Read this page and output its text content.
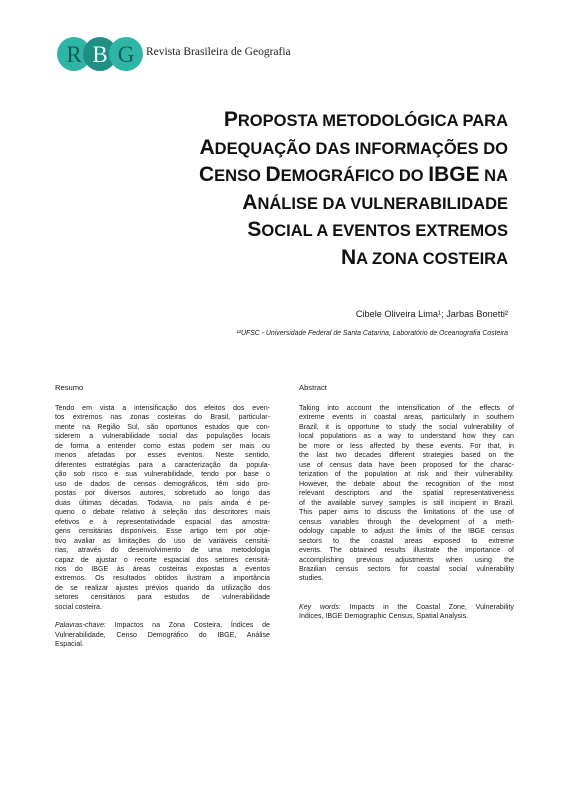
R B G Revista Brasileira de Geografia
PROPOSTA METODOLÓGICA PARA
ADEQUAÇÃO DAS INFORMAÇÕES DO
CENSO DEMOGRÁFICO DO IBGE NA
ANÁLISE DA VULNERABILIDADE
SOCIAL A EVENTOS EXTREMOS
NA ZONA COSTEIRA
Cibele Oliveira Lima¹; Jarbas Bonetti²
¹²UFSC - Universidade Federal de Santa Catarina, Laboratório de Oceanografia Costeira
Resumo
Tendo em vista a intensificação dos efeitos dos even-
tos extremos nas zonas costeiras do Brasil, particular-
mente na Região Sul, são oportunos estudos que con-
siderem a vulnerabilidade social das populações locais
de forma a entender como estas podem ser mais ou
menos afetadas por esses eventos. Neste sentido,
diferentes estratégias para a caracterização da popula-
ção sob risco e sua vulnerabilidade, tendo por base o
uso de dados de censos demográficos, têm sido pro-
postas por diversos autores, sobretudo ao longo das
duas últimas décadas. Todavia, no país ainda é pe-
queno o debate relativo à seleção dos descritores mais
efetivos e à representatividade espacial das amostra-
gens censitárias disponíveis. Esse artigo tem por obje-
tivo avaliar as limitações do uso de variáveis censitá-
rias, através do desenvolvimento de uma metodologia
capaz de ajustar o recorte espacial dos setores censitá-
rios do IBGE às áreas costeiras expostas a eventos
extremos. Os resultados obtidos ilustram a importância
de se realizar ajustes prévios quando da utilização dos
setores censitários para estudos de vulnerabilidade
social costeira.
Palavras-chave: Impactos na Zona Costeira, Índices de
Vulnerabilidade, Censo Demográfico do IBGE, Análise
Espacial.
Abstract
Taking into account the intensification of the effects of
extreme events in coastal areas, particularly in southern
Brazil, it is opportune to study the social vulnerability of
local populations as a way to understand how they can
be more or less affected by these events. For that, in
the last two decades different strategies based on the
use of census data have been proposed for the charac-
terization of the population at risk and their vulnerability.
However, the debate about the recognition of the most
relevant descriptors and the spatial representativeness
of the available survey samples is still incipient in Brazil.
This paper aims to discuss the limitations of the use of
census variables through the development of a meth-
odology capable to adjust the limits of the IBGE census
sectors to the coastal areas exposed to extreme
events. The obtained results illustrate the importance of
accomplishing previous adjustments when using the
Brazilian census sectors for coastal social vulnerability
studies.
Key words: Impacts in the Coastal Zone, Vulnerability
Indices, IBGE Demographic Census, Spatial Analysis.
